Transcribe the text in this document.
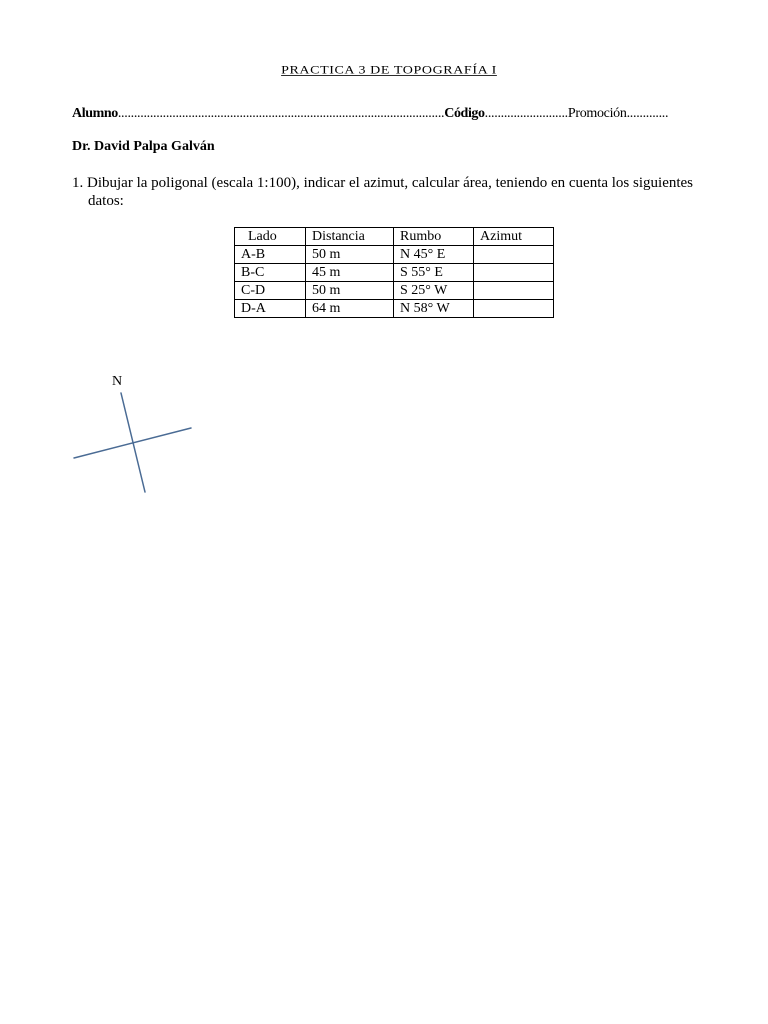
PRACTICA 3 DE TOPOGRAFÍA I
Alumno......................................................................................................Código..........................Promoción.............
Dr. David Palpa Galván
1. Dibujar la poligonal (escala 1:100), indicar el azimut, calcular área, teniendo en cuenta los siguientes
datos:
Lado	Distancia	Rumbo	Azimut
A-B	50 m	N 45° E	
B-C	45 m	S 55° E	
C-D	50 m	S 25° W	
D-A	64 m	N 58° W	
N
